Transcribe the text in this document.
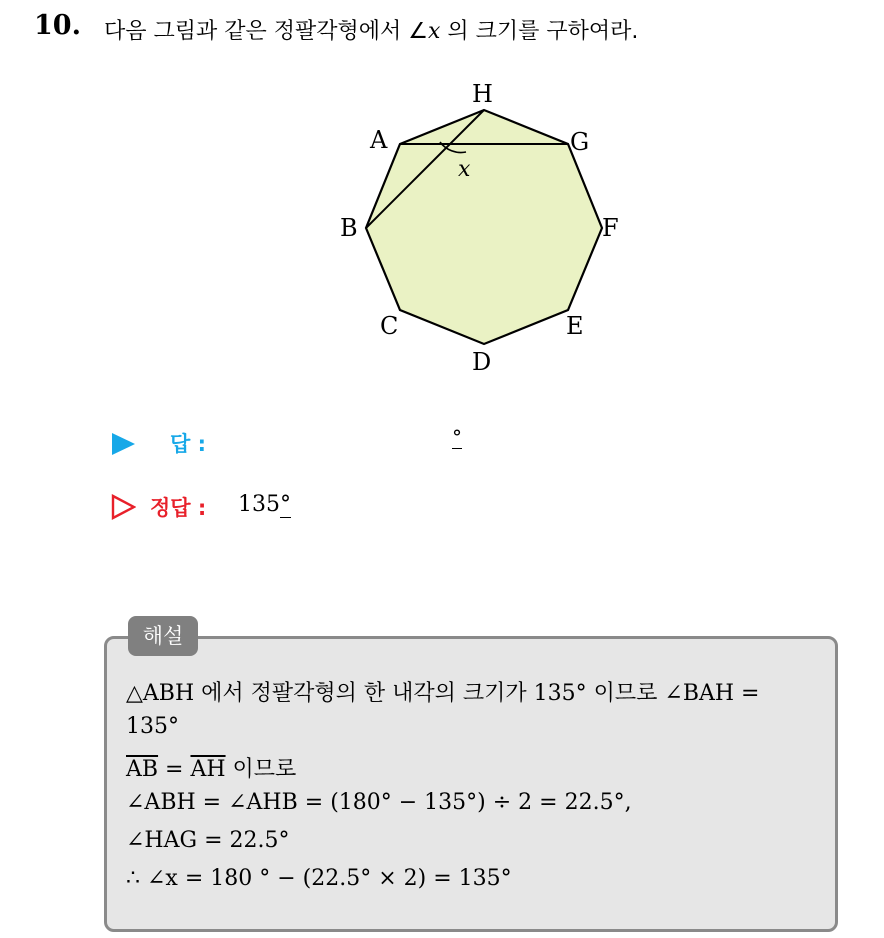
10. 다음 그림과 같은 정팔각형에서 ∠x 의 크기를 구하여라.
x
H
A	G
B	F
C	E
D
답 :	°
정답 : 135°
해설
△ABH 에서 정팔각형의 한 내각의 크기가 135° 이므로 ∠BAH =
135°
$\overline{AB} = \overline{AH}$ 이므로
∠ABH = ∠AHB = (180° − 135°) ÷ 2 = 22.5°,
∠HAG = 22.5°
∴ ∠x = 180 ° − (22.5° × 2) = 135°
